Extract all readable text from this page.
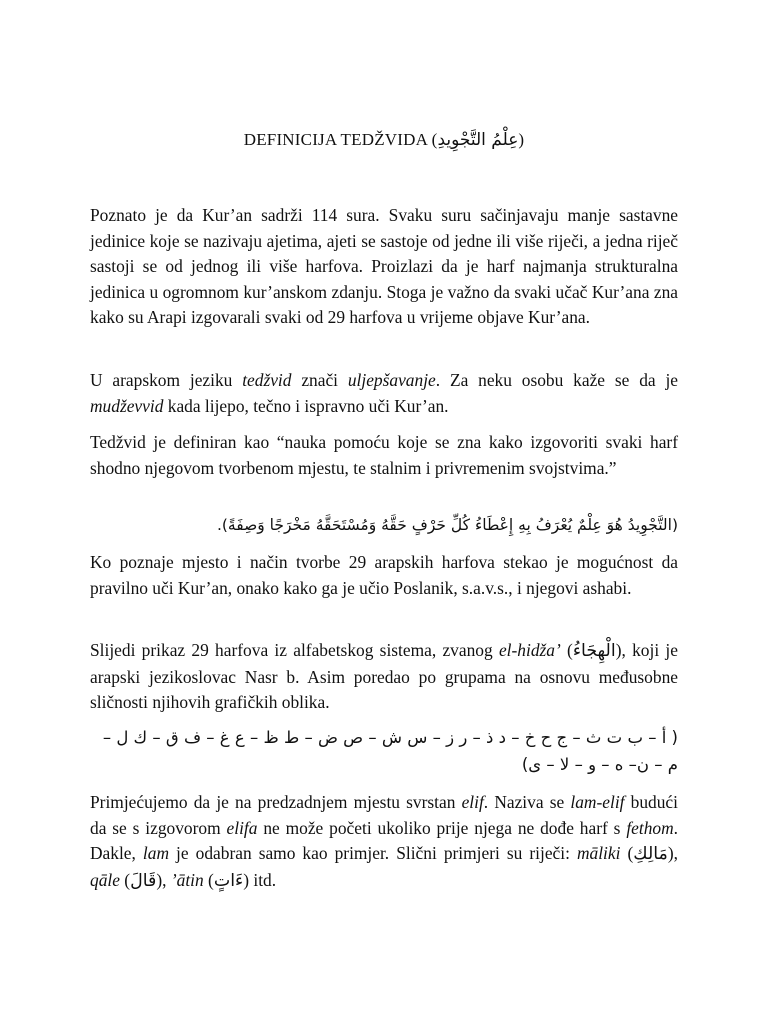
DEFINICIJA TEDŽVIDA (عِلْمُ التَّجْوِيدِ)
Poznato je da Kur’an sadrži 114 sura. Svaku suru sačinjavaju manje sastavne jedinice koje se nazivaju ajetima, ajeti se sastoje od jedne ili više riječi, a jedna riječ sastoji se od jednog ili više harfova. Proizlazi da je harf najmanja strukturalna jedinica u ogromnom kur’anskom zdanju. Stoga je važno da svaki učač Kur’ana zna kako su Arapi izgovarali svaki od 29 harfova u vrijeme objave Kur’ana.
U arapskom jeziku tedžvid znači uljepšavanje. Za neku osobu kaže se da je mudževvid kada lijepo, tečno i ispravno uči Kur’an.
Tedžvid je definiran kao “nauka pomoću koje se zna kako izgovoriti svaki harf shodno njegovom tvorbenom mjestu, te stalnim i privremenim svojstvima.”
(التَّجْوِيدُ هُوَ عِلْمٌ يُعْرَفُ بِهِ إِعْطَاءُ كُلِّ حَرْفٍ حَقَّهُ وَمُسْتَحَقَّهُ مَخْرَجًا وَصِفَةً).
Ko poznaje mjesto i način tvorbe 29 arapskih harfova stekao je mogućnost da pravilno uči Kur’an, onako kako ga je učio Poslanik, s.a.v.s., i njegovi ashabi.
Slijedi prikaz 29 harfova iz alfabetskog sistema, zvanog el-hidža’ (الْهِجَاءُ), koji je arapski jezikoslovac Nasr b. Asim poredao po grupama na osnovu međusobne sličnosti njihovih grafičkih oblika.
( أ – ب ت ث – ج ح خ – د ذ – ر ز – س ش – ص ض – ط ظ – ع غ – ف ق – ك ل –
م – ن– ه – و – لا – ى)
Primjećujemo da je na predzadnjem mjestu svrstan elif. Naziva se lam-elif budući da se s izgovorom elifa ne može početi ukoliko prije njega ne dođe harf s fethom. Dakle, lam je odabran samo kao primjer. Slični primjeri su riječi: māliki (مَالِكِ), qāle (قَالَ), ’ātin (ءَاتٍ) itd.
